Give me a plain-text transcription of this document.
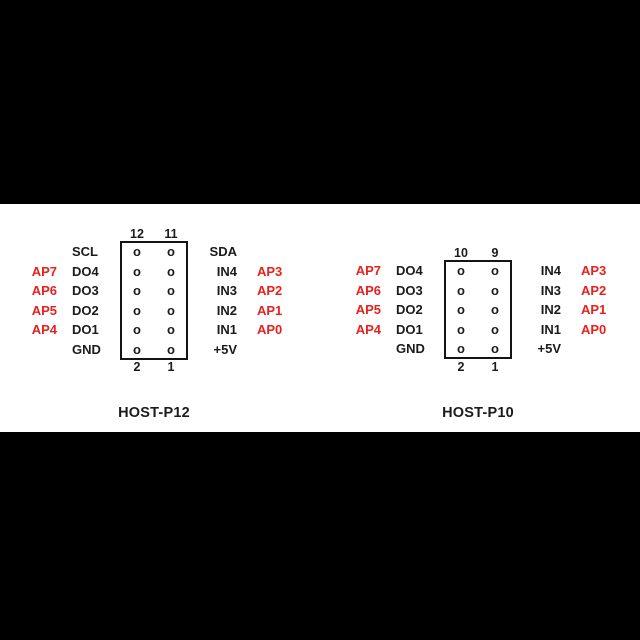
12	11
SCL	o	o	SDA
AP7 DO4	o	o	IN4 AP3
AP6 DO3	o	o	IN3 AP2
AP5 DO2	o	o	IN2 AP1
AP4 DO1	o	o	IN1 AP0
GND	o	o	+5V
2	1
HOST-P12
10	9
AP7 DO4	o	o	IN4 AP3
AP6 DO3	o	o	IN3 AP2
AP5 DO2	o	o	IN2 AP1
AP4 DO1	o	o	IN1 AP0
GND	o	o	+5V
2	1
HOST-P10
